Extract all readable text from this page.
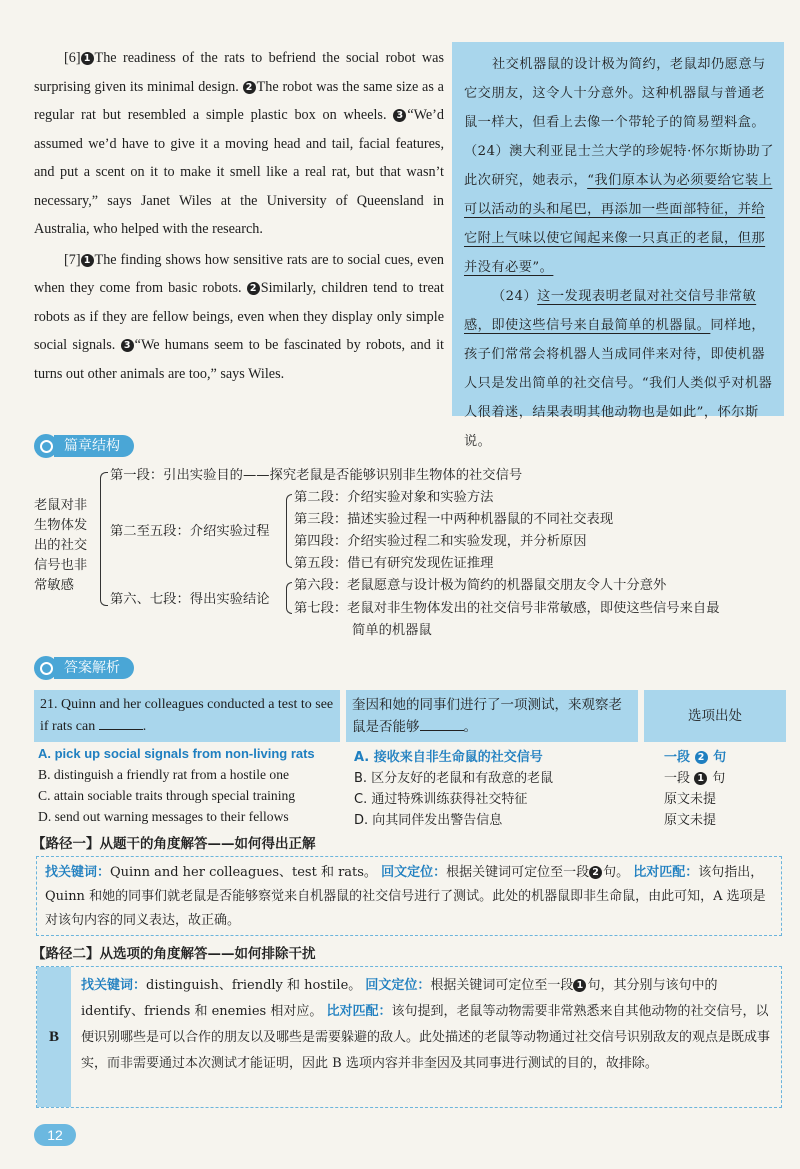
[6] 1 The readiness of the rats to befriend the social robot was surprising given its minimal design. 2 The robot was the same size as a regular rat but resembled a simple plastic box on wheels. 3 “We’d assumed we’d have to give it a moving head and tail, facial features, and put a scent on it to make it smell like a real rat, but that wasn’t necessary,” says Janet Wiles at the University of Queensland in Australia, who helped with the research.

[7] 1 The finding shows how sensitive rats are to social cues, even when they come from basic robots. 2 Similarly, children tend to treat robots as if they are fellow beings, even when they display only simple social signals. 3 “We humans seem to be fascinated by robots, and it turns out other animals are too,” says Wiles.

社交机器鼠的设计极为简约，老鼠却仍愿意与它交朋友，这令人十分意外。这种机器鼠与普通老鼠一样大，但看上去像一个带轮子的简易塑料盒。（24）澳大利亚昆士兰大学的珍妮特·怀尔斯协助了此次研究，她表示，“我们原本认为必须要给它装上可以活动的头和尾巴，再添加一些面部特征，并给它附上气味以使它闻起来像一只真正的老鼠，但那并没有必要”。

（24）这一发现表明老鼠对社交信号非常敏感，即使这些信号来自最简单的机器鼠。同样地，孩子们常常会将机器人当成同伴来对待，即使机器人只是发出简单的社交信号。“我们人类似乎对机器人很着迷，结果表明其他动物也是如此”，怀尔斯说。

篇章结构
老鼠对非
生物体发
出的社交
信号也非
常敏感
第一段：引出实验目的——探究老鼠是否能够识别非生物体的社交信号
第二至五段：介绍实验过程
第二段：介绍实验对象和实验方法
第三段：描述实验过程一中两种机器鼠的不同社交表现
第四段：介绍实验过程二和实验发现，并分析原因
第五段：借已有研究发现佐证推理
第六、七段：得出实验结论
第六段：老鼠愿意与设计极为简约的机器鼠交朋友令人十分意外
第七段：老鼠对非生物体发出的社交信号非常敏感，即使这些信号来自最
简单的机器鼠
答案解析
21. Quinn and her colleagues conducted a test to see if rats can	.
奎因和她的同事们进行了一项测试，来观察老鼠是否能够	。
选项出处
A. pick up social signals from non-living rats	A. 接收来自非生命鼠的社交信号	一段 2 句
B. distinguish a friendly rat from a hostile one	B. 区分友好的老鼠和有敌意的老鼠	一段 1 句
C. attain sociable traits through special training	C. 通过特殊训练获得社交特征	原文未提
D. send out warning messages to their fellows	D. 向其同伴发出警告信息	原文未提
【路径一】从题干的角度解答——如何得出正解
找关键词：Quinn and her colleagues、test 和 rats。 回文定位：根据关键词可定位至一段 2 句。 比对匹配：该句指出，Quinn 和她的同事们就老鼠是否能够察觉来自机器鼠的社交信号进行了测试。此处的机器鼠即非生命鼠，由此可知，A 选项是对该句内容的同义表达，故正确。
【路径二】从选项的角度解答——如何排除干扰
B
找关键词：distinguish、friendly 和 hostile。 回文定位：根据关键词可定位至一段 1 句，其分别与该句中的 identify、friends 和 enemies 相对应。 比对匹配：该句提到，老鼠等动物需要非常熟悉来自其他动物的社交信号，以便识别哪些是可以合作的朋友以及哪些是需要躲避的敌人。此处描述的老鼠等动物通过社交信号识别敌友的观点是既成事实，而非需要通过本次测试才能证明，因此 B 选项内容并非奎因及其同事进行测试的目的，故排除。
12
